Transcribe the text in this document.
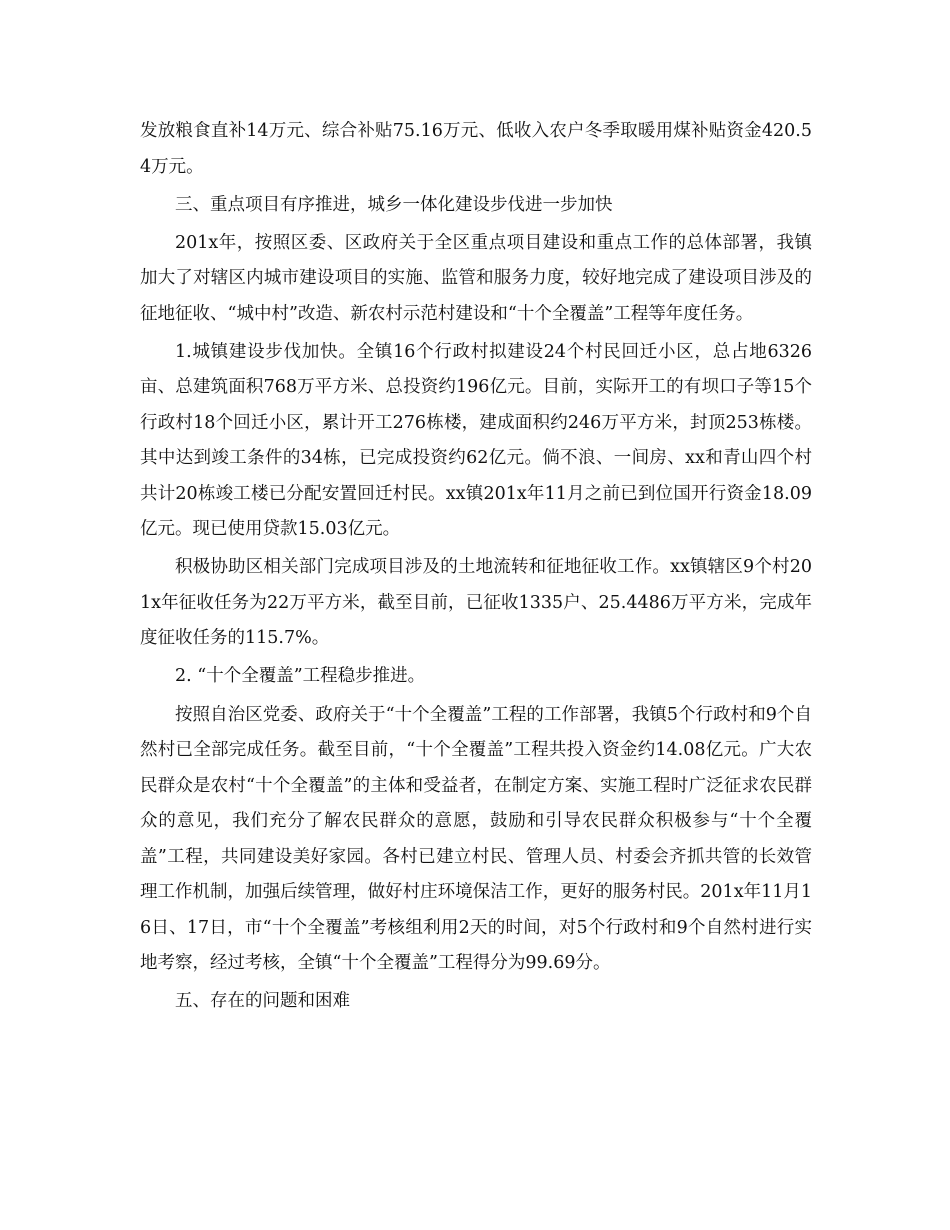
发放粮食直补14万元、综合补贴75.16万元、低收入农户冬季取暖用煤补贴资金420.54万元。

三、重点项目有序推进，城乡一体化建设步伐进一步加快

201x年，按照区委、区政府关于全区重点项目建设和重点工作的总体部署，我镇加大了对辖区内城市建设项目的实施、监管和服务力度，较好地完成了建设项目涉及的征地征收、“城中村”改造、新农村示范村建设和“十个全覆盖”工程等年度任务。

1.城镇建设步伐加快。全镇16个行政村拟建设24个村民回迁小区，总占地6326亩、总建筑面积768万平方米、总投资约196亿元。目前，实际开工的有坝口子等15个行政村18个回迁小区，累计开工276栋楼，建成面积约246万平方米，封顶253栋楼。其中达到竣工条件的34栋，已完成投资约62亿元。倘不浪、一间房、xx和青山四个村共计20栋竣工楼已分配安置回迁村民。xx镇201x年11月之前已到位国开行资金18.09亿元。现已使用贷款15.03亿元。

积极协助区相关部门完成项目涉及的土地流转和征地征收工作。xx镇辖区9个村201x年征收任务为22万平方米，截至目前，已征收1335户、25.4486万平方米，完成年度征收任务的115.7%。

2. “十个全覆盖”工程稳步推进。

按照自治区党委、政府关于“十个全覆盖”工程的工作部署，我镇5个行政村和9个自然村已全部完成任务。截至目前，“十个全覆盖”工程共投入资金约14.08亿元。广大农民群众是农村“十个全覆盖”的主体和受益者，在制定方案、实施工程时广泛征求农民群众的意见，我们充分了解农民群众的意愿，鼓励和引导农民群众积极参与“十个全覆盖”工程，共同建设美好家园。各村已建立村民、管理人员、村委会齐抓共管的长效管理工作机制，加强后续管理，做好村庄环境保洁工作，更好的服务村民。201x年11月16日、17日，市“十个全覆盖”考核组利用2天的时间，对5个行政村和9个自然村进行实地考察，经过考核，全镇“十个全覆盖”工程得分为99.69分。

五、存在的问题和困难
